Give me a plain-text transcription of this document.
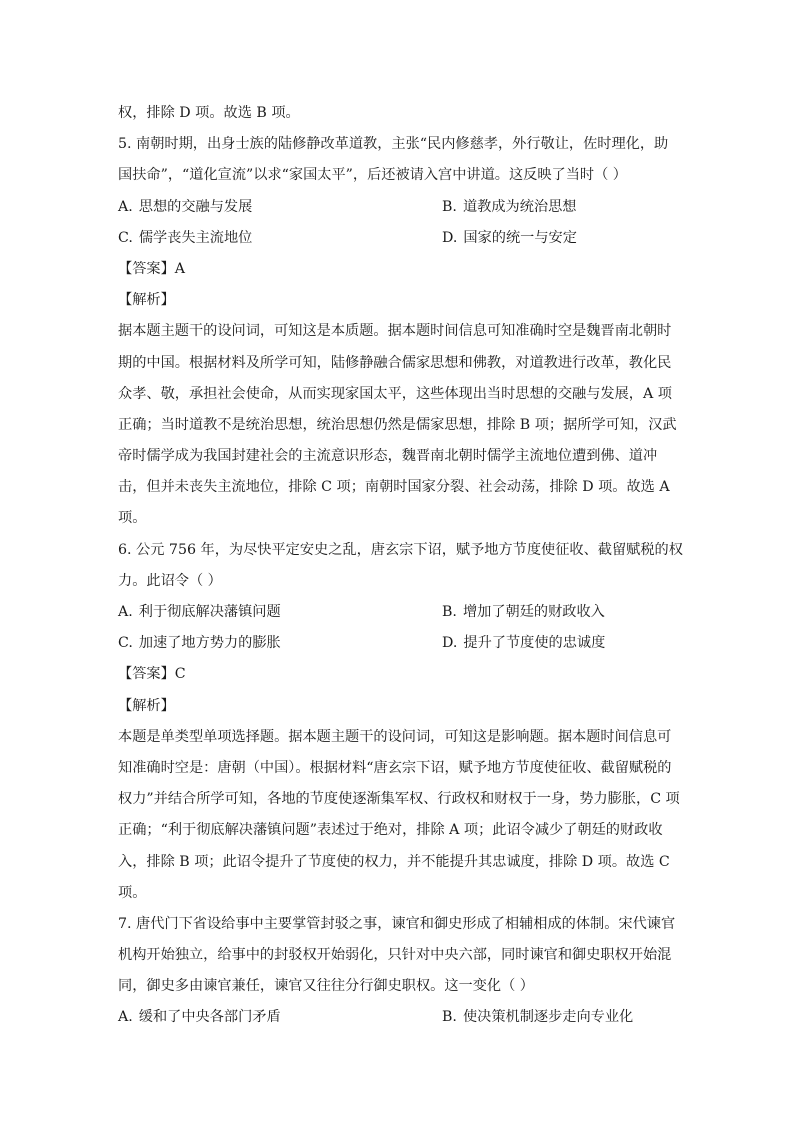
权，排除 D 项。故选 B 项。
5. 南朝时期，出身士族的陆修静改革道教，主张“民内修慈孝，外行敬让，佐时理化，助
国扶命”，“道化宣流”以求“家国太平”，后还被请入宫中讲道。这反映了当时（ ）
A. 思想的交融与发展	B. 道教成为统治思想
C. 儒学丧失主流地位	D. 国家的统一与安定
【答案】A
【解析】
据本题主题干的设问词，可知这是本质题。据本题时间信息可知准确时空是魏晋南北朝时
期的中国。根据材料及所学可知，陆修静融合儒家思想和佛教，对道教进行改革，教化民
众孝、敬，承担社会使命，从而实现家国太平，这些体现出当时思想的交融与发展，A 项
正确；当时道教不是统治思想，统治思想仍然是儒家思想，排除 B 项；据所学可知，汉武
帝时儒学成为我国封建社会的主流意识形态，魏晋南北朝时儒学主流地位遭到佛、道冲
击，但并未丧失主流地位，排除 C 项；南朝时国家分裂、社会动荡，排除 D 项。故选 A
项。
6. 公元 756 年，为尽快平定安史之乱，唐玄宗下诏，赋予地方节度使征收、截留赋税的权
力。此诏令（ ）
A. 利于彻底解决藩镇问题	B. 增加了朝廷的财政收入
C. 加速了地方势力的膨胀	D. 提升了节度使的忠诚度
【答案】C
【解析】
本题是单类型单项选择题。据本题主题干的设问词，可知这是影响题。据本题时间信息可
知准确时空是：唐朝（中国）。根据材料“唐玄宗下诏，赋予地方节度使征收、截留赋税的
权力”并结合所学可知，各地的节度使逐渐集军权、行政权和财权于一身，势力膨胀，C 项
正确；“利于彻底解决藩镇问题”表述过于绝对，排除 A 项；此诏令减少了朝廷的财政收
入，排除 B 项；此诏令提升了节度使的权力，并不能提升其忠诚度，排除 D 项。故选 C
项。
7. 唐代门下省设给事中主要掌管封驳之事，谏官和御史形成了相辅相成的体制。宋代谏官
机构开始独立，给事中的封驳权开始弱化，只针对中央六部，同时谏官和御史职权开始混
同，御史多由谏官兼任，谏官又往往分行御史职权。这一变化（ ）
A. 缓和了中央各部门矛盾	B. 使决策机制逐步走向专业化
